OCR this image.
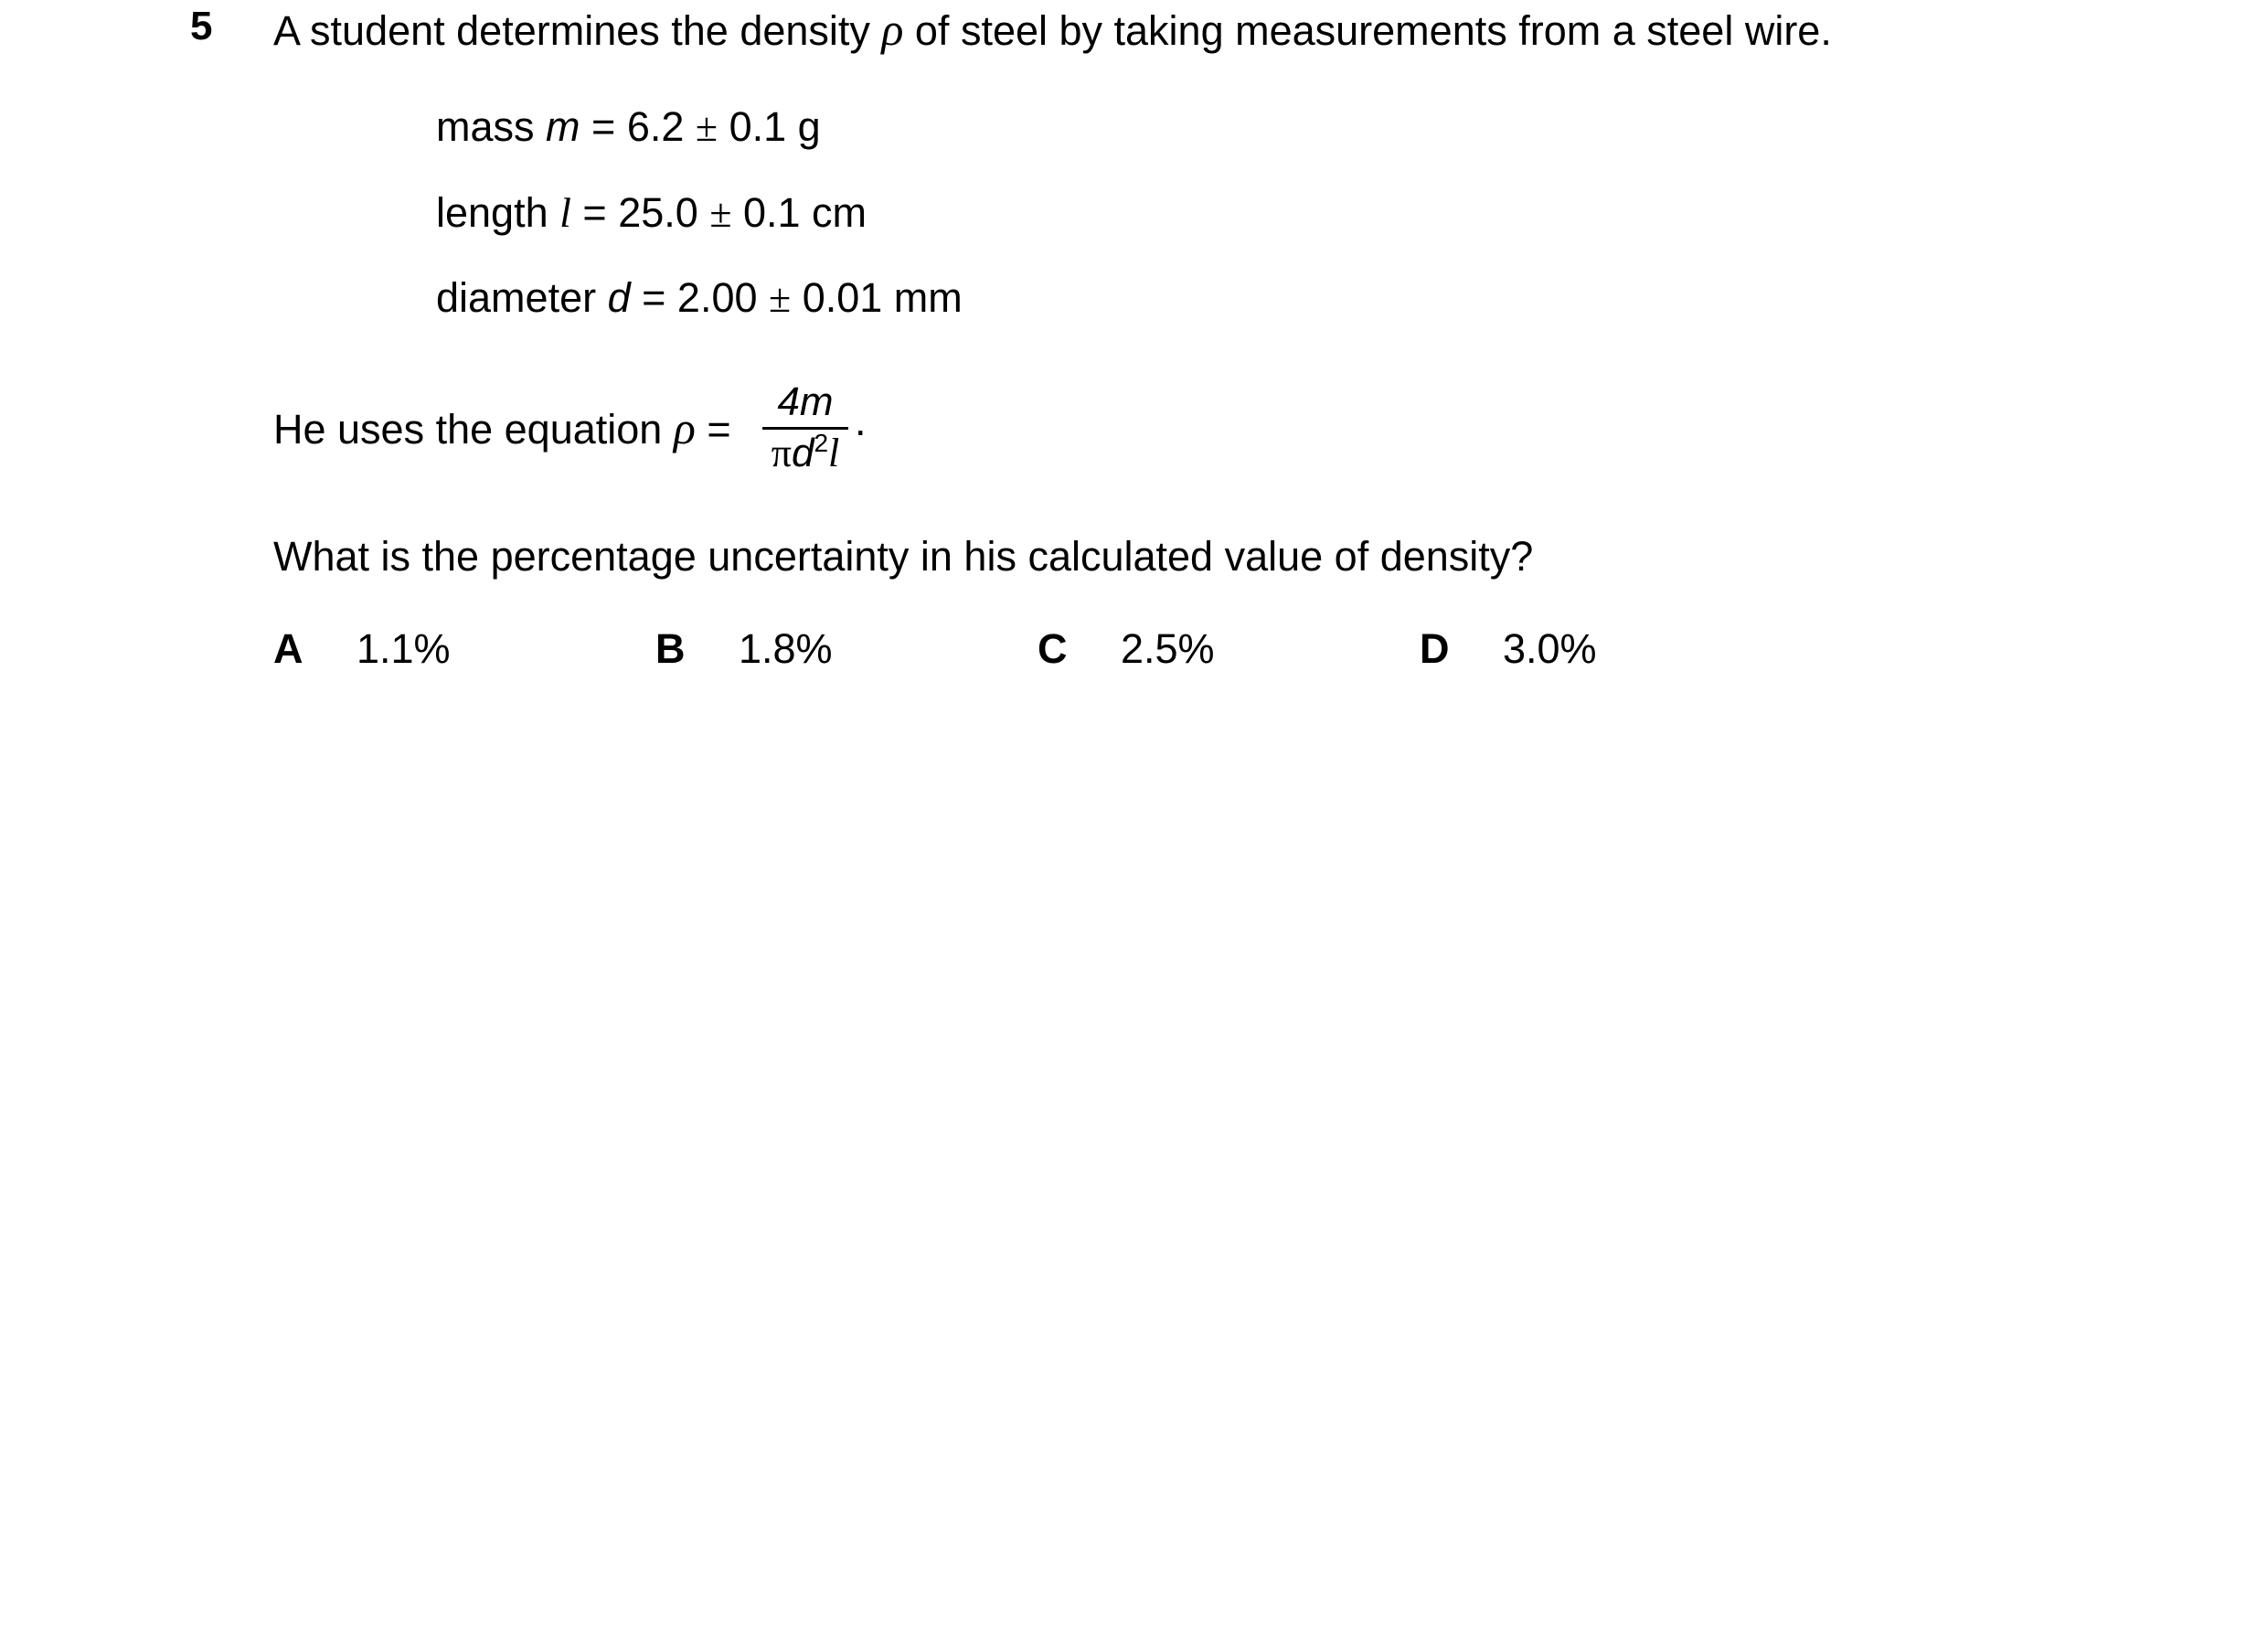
5 A student determines the density ρ of steel by taking measurements from a steel wire.
mass m = 6.2 ± 0.1 g
length l = 25.0 ± 0.1 cm
diameter d = 2.00 ± 0.01 mm
He uses the equation ρ =
4m
$\pi d^2l$
.
What is the percentage uncertainty in his calculated value of density?
A 1.1%	B 1.8%	C 2.5%	D 3.0%
